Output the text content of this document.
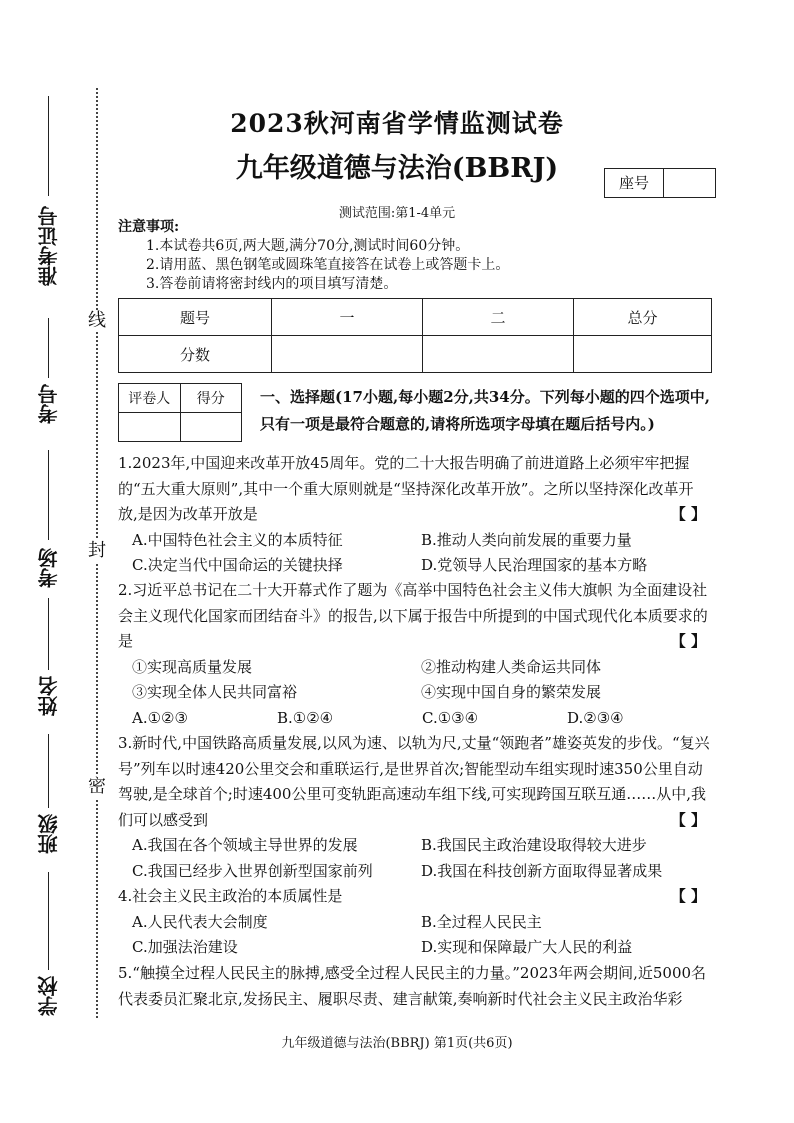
准考证号
考号
考场
姓名
班级
学校
线
封
密
2023秋河南省学情监测试卷
九年级道德与法治(BBRJ)	座号
测试范围:第1-4单元
注意事项:
1.本试卷共6页,两大题,满分70分,测试时间60分钟。
2.请用蓝、黑色钢笔或圆珠笔直接答在试卷上或答题卡上。
3.答卷前请将密封线内的项目填写清楚。
题号	一	二	总分
分数			
评卷人	得分
	一、选择题(17小题,每小题2分,共34分。下列每小题的四个选项中,只有一项是最符合题意的,请将所选项字母填在题后括号内。)

1.2023年,中国迎来改革开放45周年。党的二十大报告明确了前进道路上必须牢牢把握的“五大重大原则”,其中一个重大原则就是“坚持深化改革开放”。之所以坚持深化改革开放,是因为改革开放是	【 】

A.中国特色社会主义的本质特征	B.推动人类向前发展的重要力量
C.决定当代中国命运的关键抉择	D.党领导人民治理国家的基本方略

2.习近平总书记在二十大开幕式作了题为《高举中国特色社会主义伟大旗帜 为全面建设社会主义现代化国家而团结奋斗》的报告,以下属于报告中所提到的中国式现代化本质要求的是	【 】

①实现高质量发展	②推动构建人类命运共同体
③实现全体人民共同富裕	④实现中国自身的繁荣发展
A.①②③	B.①②④	C.①③④	D.②③④

3.新时代,中国铁路高质量发展,以风为速、以轨为尺,丈量“领跑者”雄姿英发的步伐。“复兴号”列车以时速420公里交会和重联运行,是世界首次;智能型动车组实现时速350公里自动驾驶,是全球首个;时速400公里可变轨距高速动车组下线,可实现跨国互联互通……从中,我们可以感受到	【 】

A.我国在各个领域主导世界的发展	B.我国民主政治建设取得较大进步
C.我国已经步入世界创新型国家前列	D.我国在科技创新方面取得显著成果

4.社会主义民主政治的本质属性是	【 】

A.人民代表大会制度	B.全过程人民民主
C.加强法治建设	D.实现和保障最广大人民的利益

5.“触摸全过程人民民主的脉搏,感受全过程人民民主的力量。”2023年两会期间,近5000名代表委员汇聚北京,发扬民主、履职尽责、建言献策,奏响新时代社会主义民主政治华彩

九年级道德与法治(BBRJ) 第1页(共6页)
